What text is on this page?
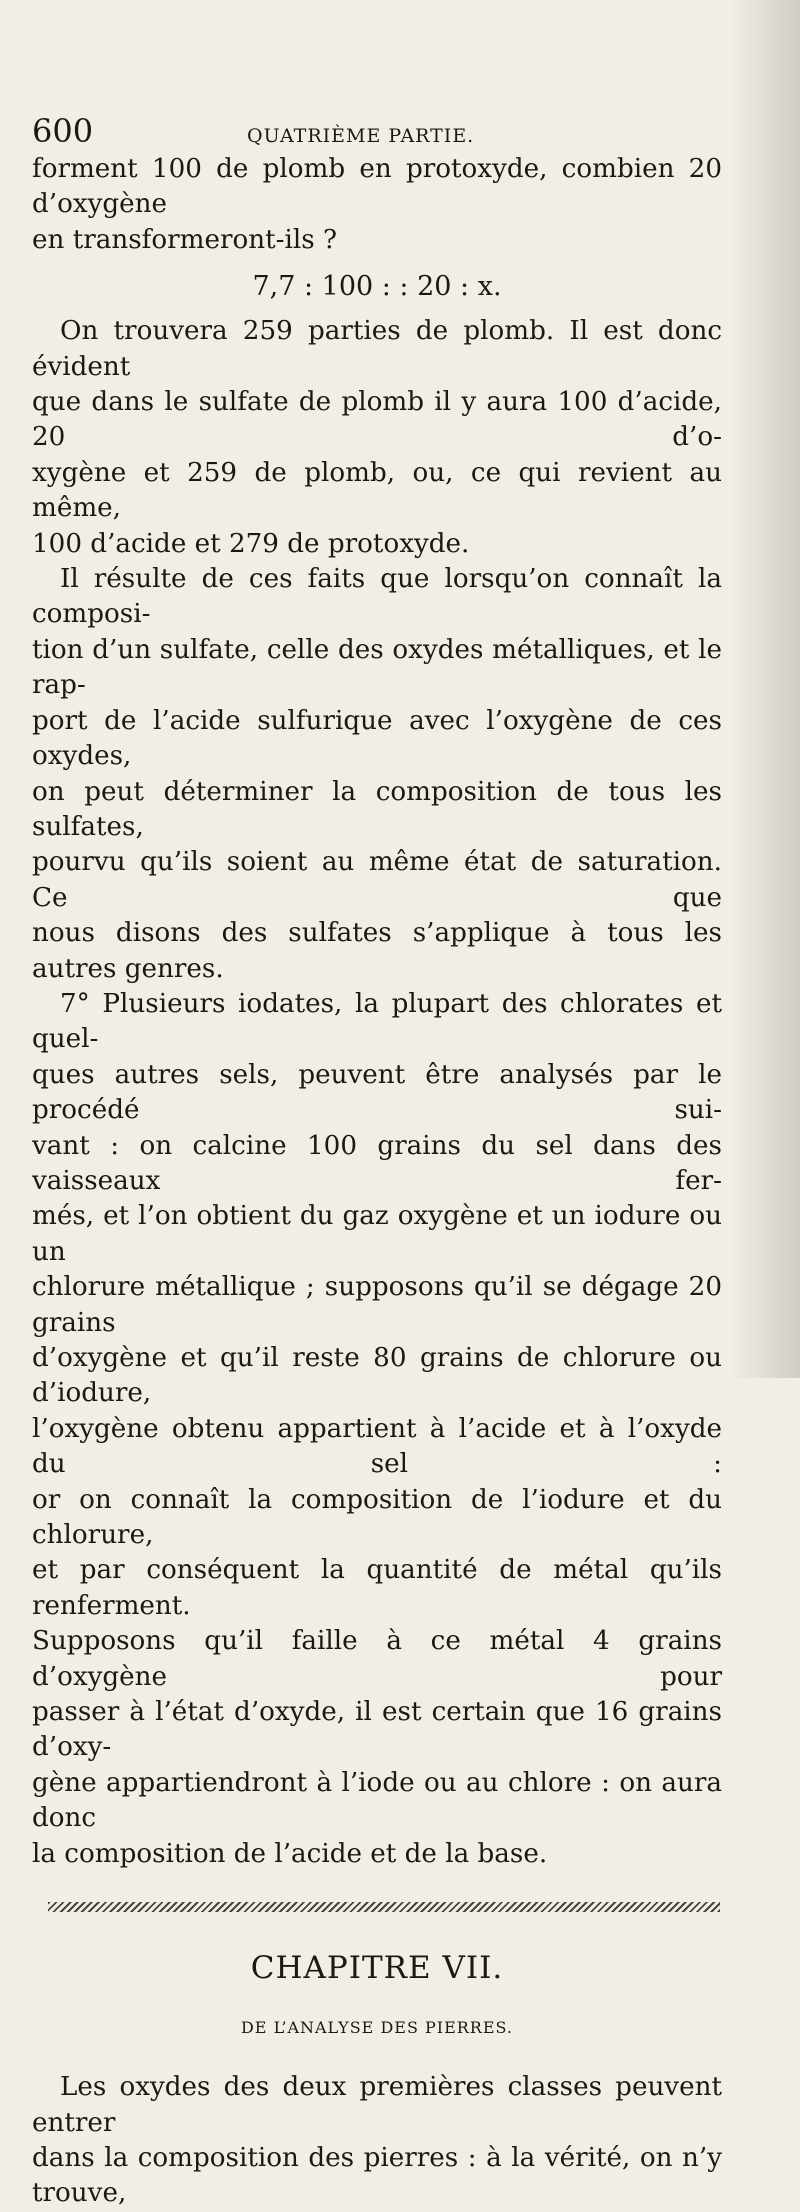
600	QUATRIÈME PARTIE.

forment 100 de plomb en protoxyde, combien 20 d’oxygène

en transformeront-ils ?

7,7 : 100 : : 20 : x.

On trouvera 259 parties de plomb. Il est donc évident

que dans le sulfate de plomb il y aura 100 d’acide, 20 d’o-

xygène et 259 de plomb, ou, ce qui revient au même,

100 d’acide et 279 de protoxyde.

Il résulte de ces faits que lorsqu’on connaît la composi-

tion d’un sulfate, celle des oxydes métalliques, et le rap-

port de l’acide sulfurique avec l’oxygène de ces oxydes,

on peut déterminer la composition de tous les sulfates,

pourvu qu’ils soient au même état de saturation. Ce que

nous disons des sulfates s’applique à tous les autres genres.

7° Plusieurs iodates, la plupart des chlorates et quel-

ques autres sels, peuvent être analysés par le procédé sui-

vant : on calcine 100 grains du sel dans des vaisseaux fer-

més, et l’on obtient du gaz oxygène et un iodure ou un

chlorure métallique ; supposons qu’il se dégage 20 grains

d’oxygène et qu’il reste 80 grains de chlorure ou d’iodure,

l’oxygène obtenu appartient à l’acide et à l’oxyde du sel :

or on connaît la composition de l’iodure et du chlorure,

et par conséquent la quantité de métal qu’ils renferment.

Supposons qu’il faille à ce métal 4 grains d’oxygène pour

passer à l’état d’oxyde, il est certain que 16 grains d’oxy-

gène appartiendront à l’iode ou au chlore : on aura donc

la composition de l’acide et de la base.

CHAPITRE VII.
DE L’ANALYSE DES PIERRES.

Les oxydes des deux premières classes peuvent entrer

dans la composition des pierres : à la vérité, on n’y trouve,
